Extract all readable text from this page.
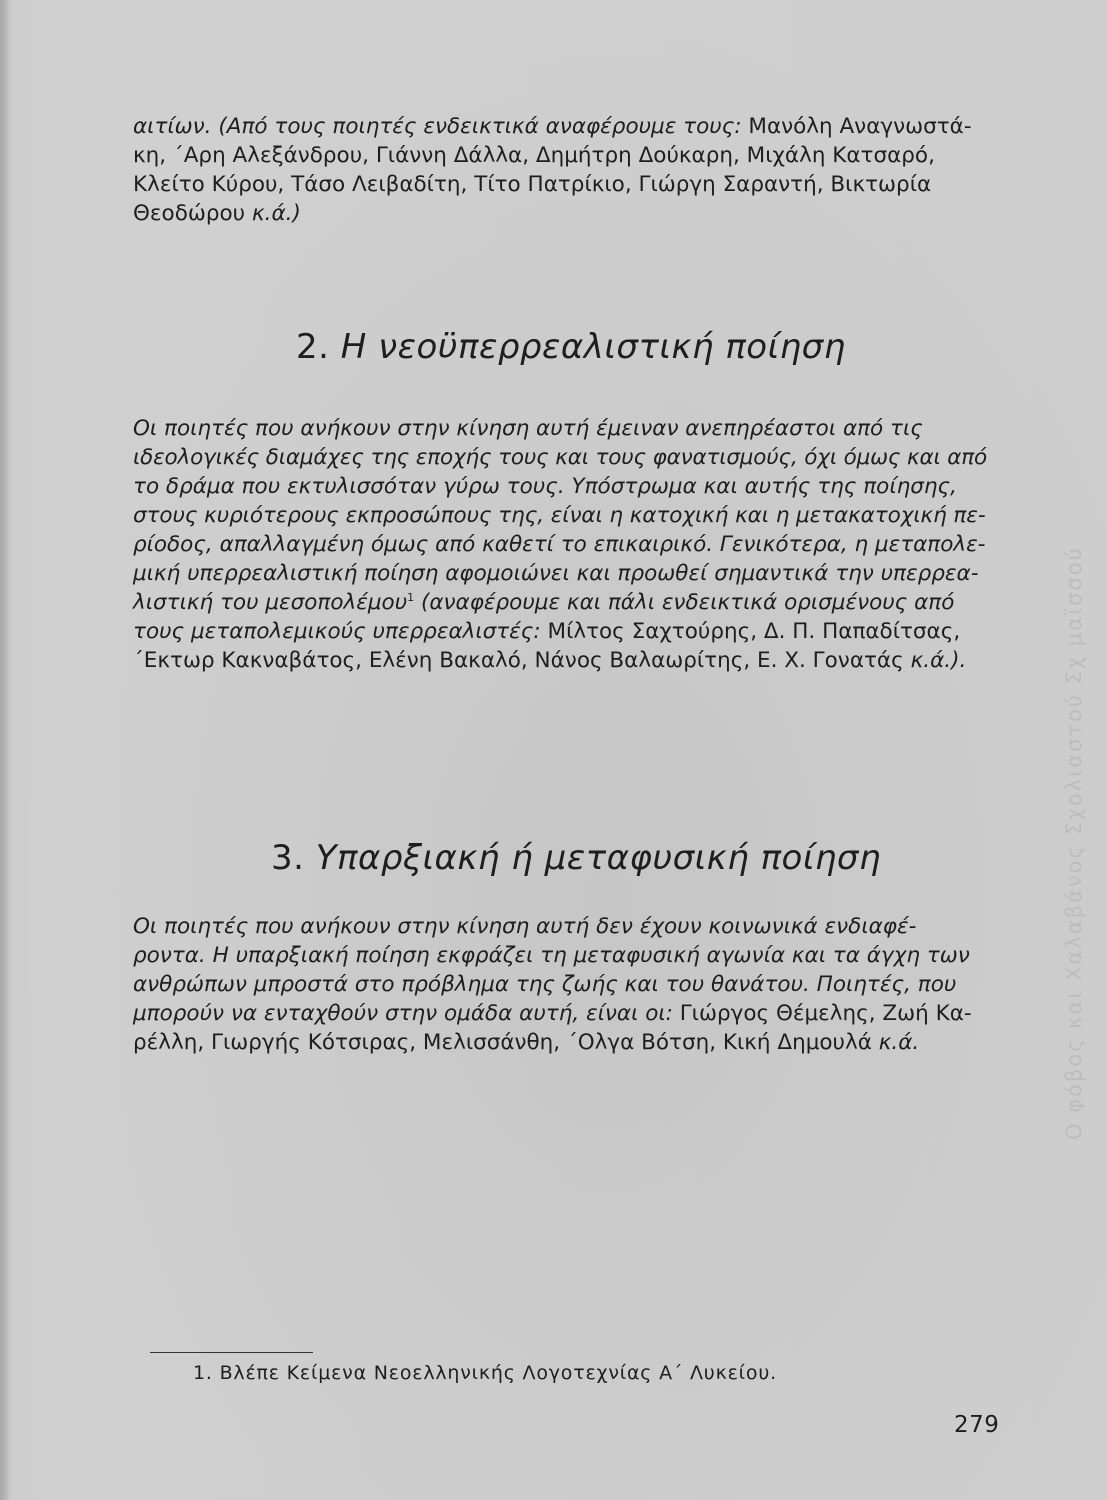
Ο φόβος και Χαλαβάνος Σχολιαστού Σχ μαϊσσού

αιτίων. (Από τους ποιητές ενδεικτικά αναφέρουμε τους: Μανόλη Αναγνωστά-
κη, ΄Αρη Αλεξάνδρου, Γιάννη Δάλλα, Δημήτρη Δούκαρη, Μιχάλη Κατσαρό,
Κλείτο Κύρου, Τάσο Λειβαδίτη, Τίτο Πατρίκιο, Γιώργη Σαραντή, Βικτωρία
Θεοδώρου κ.ά.)

2. Η νεοϋπερρεαλιστική ποίηση

Οι ποιητές που ανήκουν στην κίνηση αυτή έμειναν ανεπηρέαστοι από τις
ιδεολογικές διαμάχες της εποχής τους και τους φανατισμούς, όχι όμως και από
το δράμα που εκτυλισσόταν γύρω τους. Υπόστρωμα και αυτής της ποίησης,
στους κυριότερους εκπροσώπους της, είναι η κατοχική και η μετακατοχική πε-
ρίοδος, απαλλαγμένη όμως από καθετί το επικαιρικό. Γενικότερα, η μεταπολε-
μική υπερρεαλιστική ποίηση αφομοιώνει και προωθεί σημαντικά την υπερρεα-
λιστική του μεσοπολέμου$^1$ (αναφέρουμε και πάλι ενδεικτικά ορισμένους από
τους μεταπολεμικούς υπερρεαλιστές: Μίλτος Σαχτούρης, Δ. Π. Παπαδίτσας,
΄Εκτωρ Κακναβάτος, Ελένη Βακαλό, Νάνος Βαλαωρίτης, Ε. Χ. Γονατάς κ.ά.).

3. Υπαρξιακή ή μεταφυσική ποίηση

Οι ποιητές που ανήκουν στην κίνηση αυτή δεν έχουν κοινωνικά ενδιαφέ-
ροντα. Η υπαρξιακή ποίηση εκφράζει τη μεταφυσική αγωνία και τα άγχη των
ανθρώπων μπροστά στο πρόβλημα της ζωής και του θανάτου. Ποιητές, που
μπορούν να ενταχθούν στην ομάδα αυτή, είναι οι: Γιώργος Θέμελης, Ζωή Κα-
ρέλλη, Γιωργής Κότσιρας, Μελισσάνθη, ΄Ολγα Βότση, Κική Δημουλά κ.ά.

1. Βλέπε Κείμενα Νεοελληνικής Λογοτεχνίας Α΄ Λυκείου.
279
